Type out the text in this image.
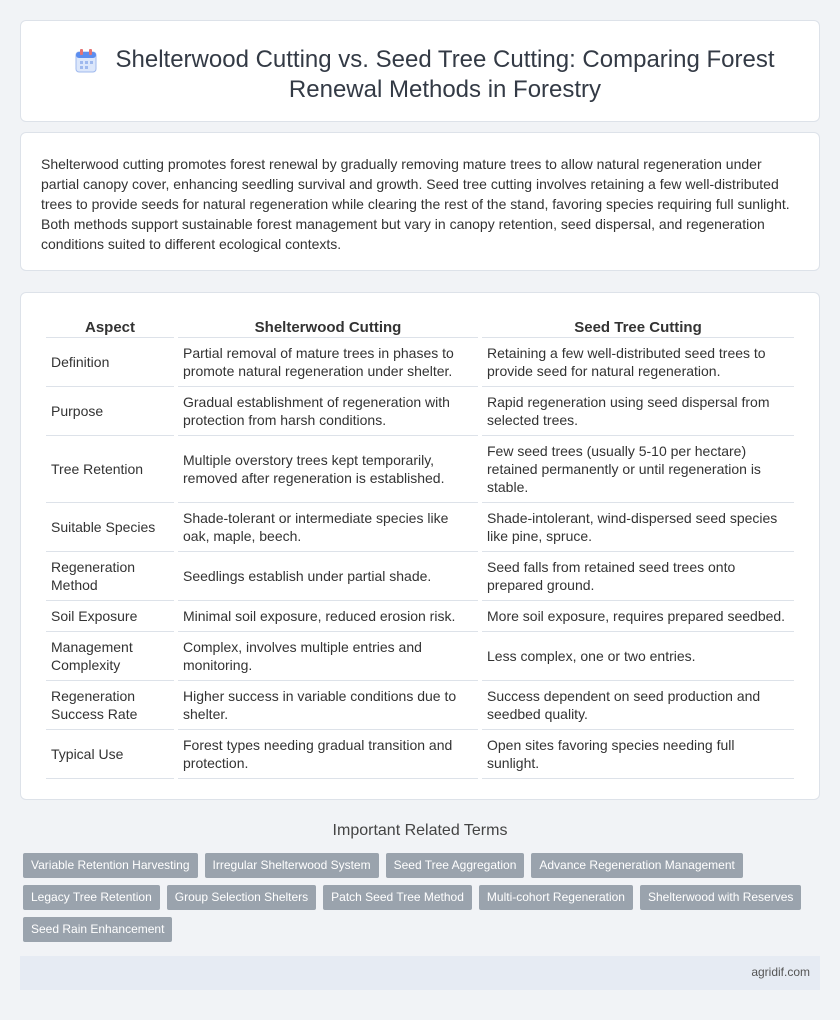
Shelterwood Cutting vs. Seed Tree Cutting: Comparing Forest Renewal Methods in Forestry

Shelterwood cutting promotes forest renewal by gradually removing mature trees to allow natural regeneration under partial canopy cover, enhancing seedling survival and growth. Seed tree cutting involves retaining a few well-distributed trees to provide seeds for natural regeneration while clearing the rest of the stand, favoring species requiring full sunlight. Both methods support sustainable forest management but vary in canopy retention, seed dispersal, and regeneration conditions suited to different ecological contexts.

Aspect	Shelterwood Cutting	Seed Tree Cutting
Definition	Partial removal of mature trees in phases to promote natural regeneration under shelter.	Retaining a few well-distributed seed trees to provide seed for natural regeneration.
Purpose	Gradual establishment of regeneration with protection from harsh conditions.	Rapid regeneration using seed dispersal from selected trees.
Tree Retention	Multiple overstory trees kept temporarily, removed after regeneration is established.	Few seed trees (usually 5-10 per hectare) retained permanently or until regeneration is stable.
Suitable Species	Shade-tolerant or intermediate species like oak, maple, beech.	Shade-intolerant, wind-dispersed seed species like pine, spruce.
Regeneration Method	Seedlings establish under partial shade.	Seed falls from retained seed trees onto prepared ground.
Soil Exposure	Minimal soil exposure, reduced erosion risk.	More soil exposure, requires prepared seedbed.
Management Complexity	Complex, involves multiple entries and monitoring.	Less complex, one or two entries.
Regeneration Success Rate	Higher success in variable conditions due to shelter.	Success dependent on seed production and seedbed quality.
Typical Use	Forest types needing gradual transition and protection.	Open sites favoring species needing full sunlight.
Important Related Terms
Variable Retention Harvesting	Irregular Shelterwood System	Seed Tree Aggregation	Advance Regeneration Management
Legacy Tree Retention	Group Selection Shelters	Patch Seed Tree Method	Multi-cohort Regeneration	Shelterwood with Reserves
Seed Rain Enhancement
agridif.com
